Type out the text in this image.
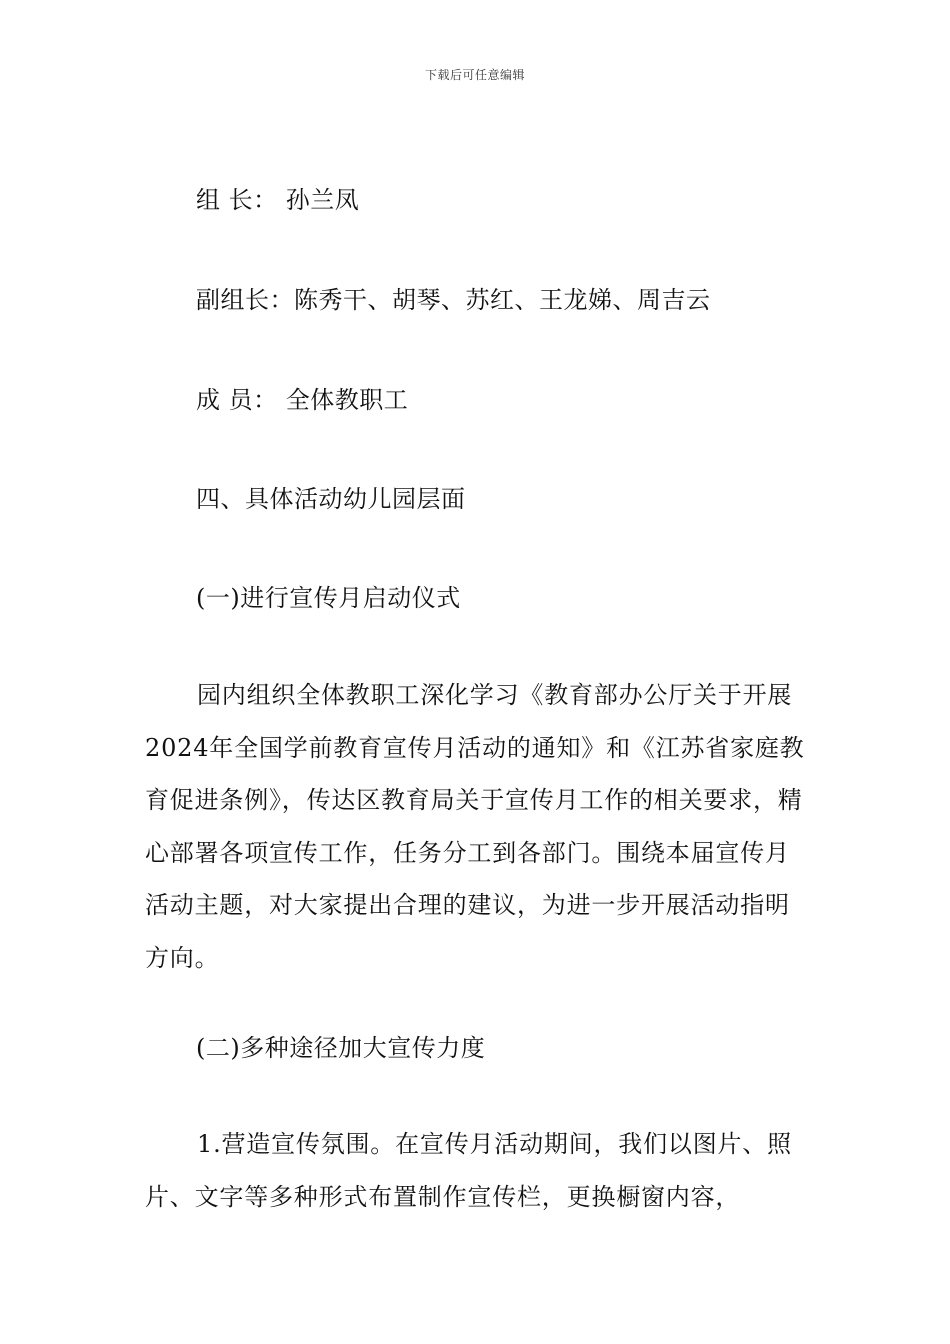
下载后可任意编辑
组 长： 孙兰凤
副组长：陈秀干、胡琴、苏红、王龙娣、周吉云
成 员： 全体教职工
四、具体活动幼儿园层面
(一)进行宣传月启动仪式
园内组织全体教职工深化学习《教育部办公厅关于开展2024年全国学前教育宣传月活动的通知》和《江苏省家庭教育促进条例》，传达区教育局关于宣传月工作的相关要求，精心部署各项宣传工作，任务分工到各部门。围绕本届宣传月活动主题，对大家提出合理的建议，为进一步开展活动指明方向。
(二)多种途径加大宣传力度
1.营造宣传氛围。在宣传月活动期间，我们以图片、照片、文字等多种形式布置制作宣传栏，更换橱窗内容，
